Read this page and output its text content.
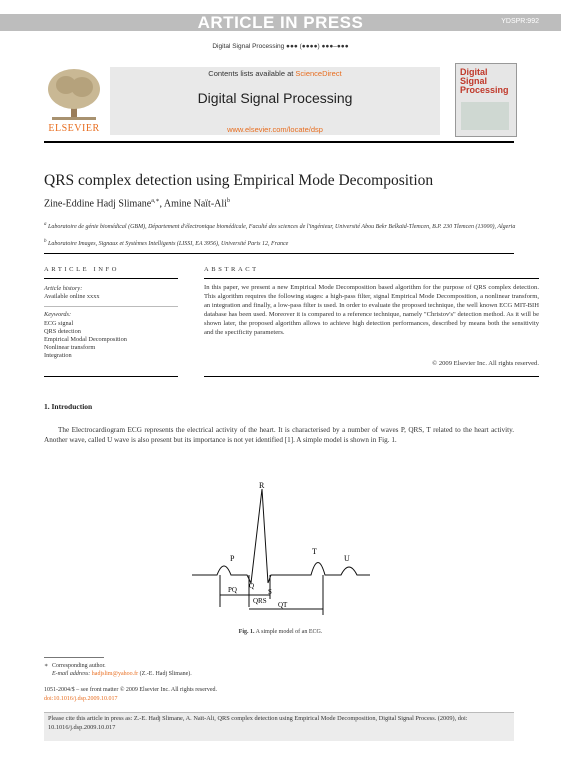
ARTICLE IN PRESS	YDSPR:992
Digital Signal Processing ●●● (●●●●) ●●●–●●●
ELSEVIER
Contents lists available at ScienceDirect
Digital Signal Processing
www.elsevier.com/locate/dsp
Digital Signal Processing
QRS complex detection using Empirical Mode Decomposition
Zine-Eddine Hadj Slimane$^{a,∗}$, Amine Naït-Ali$^b$
$^a$ Laboratoire de génie biomédical (GBM), Département d'électronique biomédicale, Faculté des sciences de l'ingénieur, Université Abou Bekr Belkaïd-Tlemcen, B.P. 230 Tlemcen (13000), Algeria
$^b$ Laboratoire Images, Signaux et Systèmes Intelligents (LISSI, EA 3956), Université Paris 12, France
ARTICLE INFO
Article history:
Available online xxxx
Keywords:
ECG signal
QRS detection
Empirical Modal Decomposition
Nonlinear transform
Integration
ABSTRACT
In this paper, we present a new Empirical Mode Decomposition based algorithm for the purpose of QRS complex detection. This algorithm requires the following stages: a high-pass filter, signal Empirical Mode Decomposition, a nonlinear transform, an integration and finally, a low-pass filter is used. In order to evaluate the proposed technique, the well known ECG MIT-BIH database has been used. Moreover it is compared to a reference technique, namely "Christov's" detection method. As it will be shown later, the proposed algorithm allows to achieve high detection performances, described by means both the sensitivity and the specificity parameters.
© 2009 Elsevier Inc. All rights reserved.
1. Introduction
The Electrocardiogram ECG represents the electrical activity of the heart. It is characterised by a number of waves P, QRS, T related to the heart activity. Another wave, called U wave is also present but its importance is not yet identified [1]. A simple model is shown in Fig. 1.
P
R
Q
S
T
U
PQ
QRS QT
Fig. 1. A simple model of an ECG.
∗ Corresponding author.
E-mail address: hadjslim@yahoo.fr (Z.-E. Hadj Slimane).
1051-2004/$ – see front matter © 2009 Elsevier Inc. All rights reserved.
doi:10.1016/j.dsp.2009.10.017
Please cite this article in press as: Z.-E. Hadj Slimane, A. Naït-Ali, QRS complex detection using Empirical Mode Decomposition, Digital Signal Process. (2009), doi: 10.1016/j.dsp.2009.10.017
